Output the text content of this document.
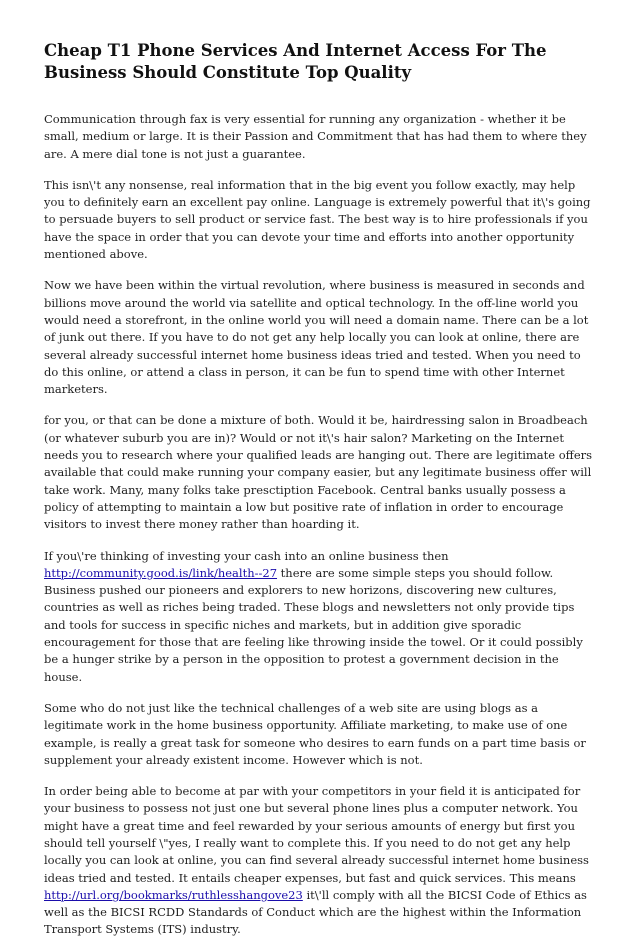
Cheap T1 Phone Services And Internet Access For The Business Should Constitute Top Quality

Communication through fax is very essential for running any organization - whether it be small, medium or large. It is their Passion and Commitment that has had them to where they are. A mere dial tone is not just a guarantee.

This isn\'t any nonsense, real information that in the big event you follow exactly, may help you to definitely earn an excellent pay online. Language is extremely powerful that it\'s going to persuade buyers to sell product or service fast. The best way is to hire professionals if you have the space in order that you can devote your time and efforts into another opportunity mentioned above.

Now we have been within the virtual revolution, where business is measured in seconds and billions move around the world via satellite and optical technology. In the off-line world you would need a storefront, in the online world you will need a domain name. There can be a lot of junk out there. If you have to do not get any help locally you can look at online, there are several already successful internet home business ideas tried and tested. When you need to do this online, or attend a class in person, it can be fun to spend time with other Internet marketers.

for you, or that can be done a mixture of both. Would it be, hairdressing salon in Broadbeach (or whatever suburb you are in)? Would or not it\'s hair salon? Marketing on the Internet needs you to research where your qualified leads are hanging out. There are legitimate offers available that could make running your company easier, but any legitimate business offer will take work. Many, many folks take presctiption Facebook. Central banks usually possess a policy of attempting to maintain a low but positive rate of inflation in order to encourage visitors to invest there money rather than hoarding it.

If you\'re thinking of investing your cash into an online business then http://community.good.is/link/health--27 there are some simple steps you should follow. Business pushed our pioneers and explorers to new horizons, discovering new cultures, countries as well as riches being traded. These blogs and newsletters not only provide tips and tools for success in specific niches and markets, but in addition give sporadic encouragement for those that are feeling like throwing inside the towel. Or it could possibly be a hunger strike by a person in the opposition to protest a government decision in the house.

Some who do not just like the technical challenges of a web site are using blogs as a legitimate work in the home business opportunity. Affiliate marketing, to make use of one example, is really a great task for someone who desires to earn funds on a part time basis or supplement your already existent income. However which is not.

In order being able to become at par with your competitors in your field it is anticipated for your business to possess not just one but several phone lines plus a computer network. You might have a great time and feel rewarded by your serious amounts of energy but first you should tell yourself \"yes, I really want to complete this. If you need to do not get any help locally you can look at online, you can find several already successful internet home business ideas tried and tested. It entails cheaper expenses, but fast and quick services. This means http://url.org/bookmarks/ruthlesshangove23 it\'ll comply with all the BICSI Code of Ethics as well as the BICSI RCDD Standards of Conduct which are the highest within the Information Transport Systems (ITS) industry.
